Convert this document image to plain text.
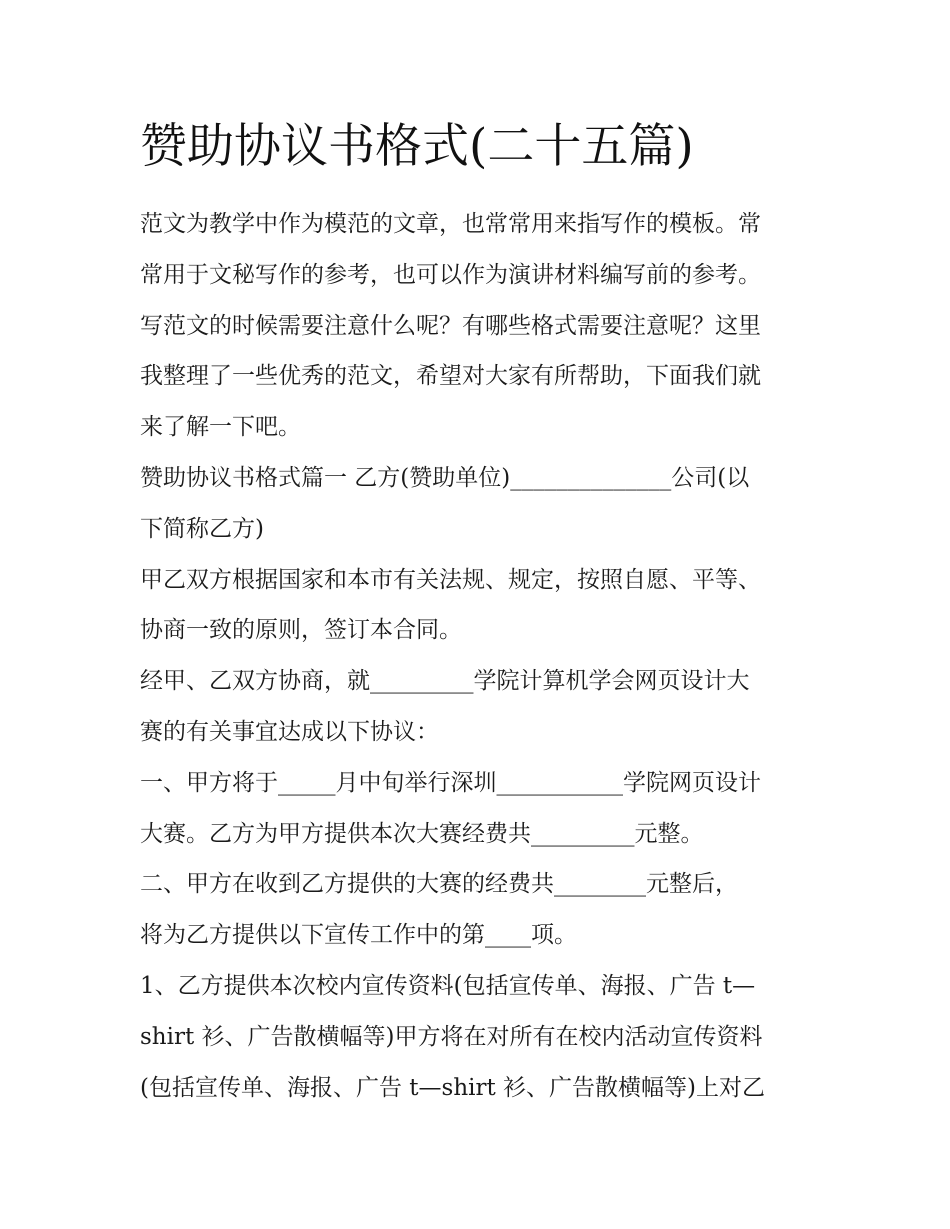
赞助协议书格式(二十五篇)
范文为教学中作为模范的文章，也常常用来指写作的模板。常
常用于文秘写作的参考，也可以作为演讲材料编写前的参考。
写范文的时候需要注意什么呢？有哪些格式需要注意呢？这里
我整理了一些优秀的范文，希望对大家有所帮助，下面我们就
来了解一下吧。
赞助协议书格式篇一 乙方(赞助单位)______________公司(以
下简称乙方)
甲乙双方根据国家和本市有关法规、规定，按照自愿、平等、
协商一致的原则，签订本合同。
经甲、乙双方协商，就_________学院计算机学会网页设计大
赛的有关事宜达成以下协议：
一、甲方将于_____月中旬举行深圳___________学院网页设计
大赛。乙方为甲方提供本次大赛经费共_________元整。
二、甲方在收到乙方提供的大赛的经费共________元整后，
将为乙方提供以下宣传工作中的第____项。
1、乙方提供本次校内宣传资料(包括宣传单、海报、广告 t—
shirt 衫、广告散横幅等)甲方将在对所有在校内活动宣传资料
(包括宣传单、海报、广告 t—shirt 衫、广告散横幅等)上对乙
